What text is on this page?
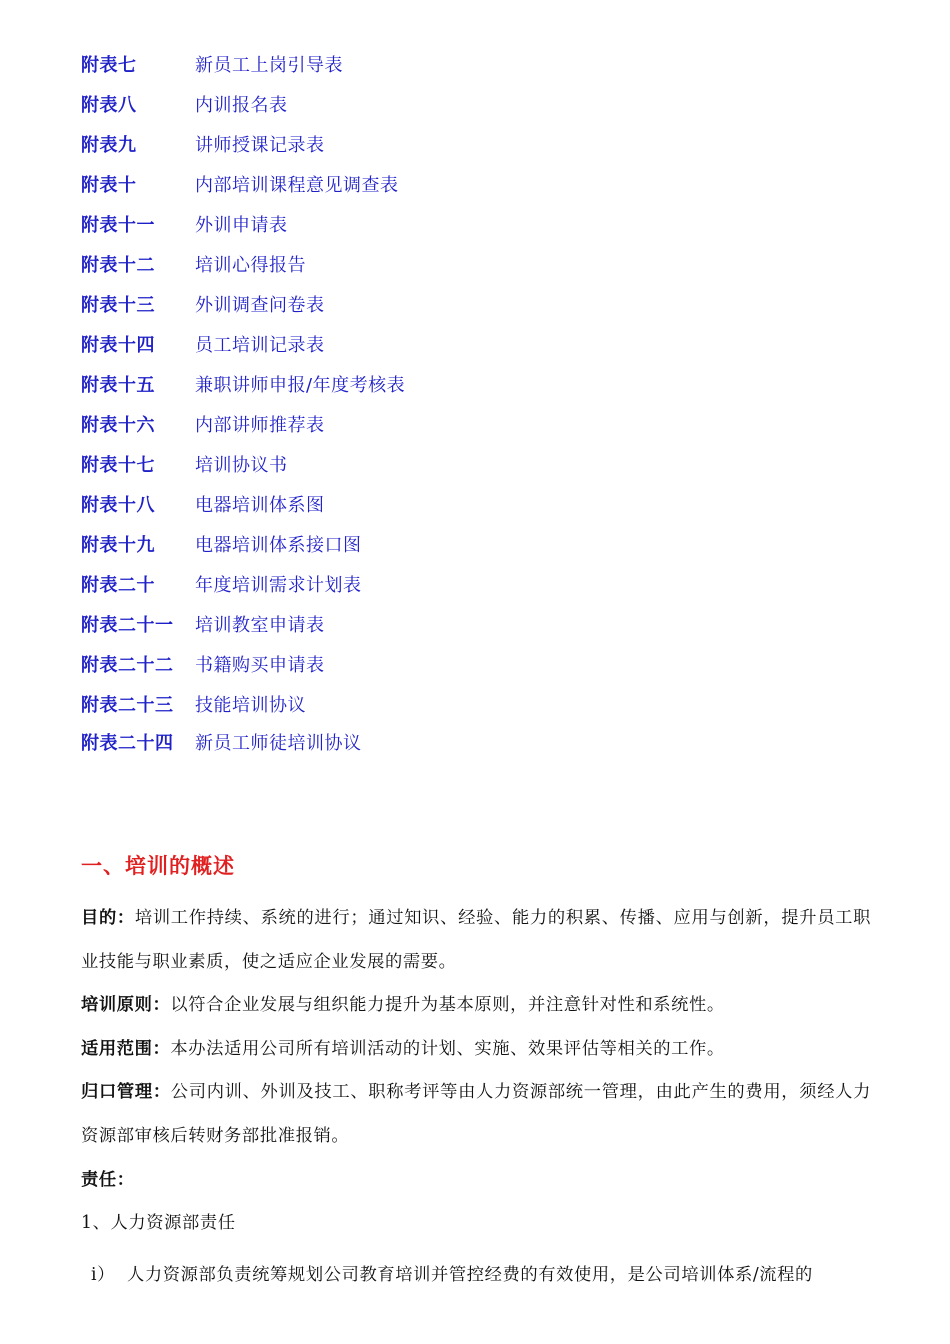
附表七	新员工上岗引导表
附表八	内训报名表
附表九	讲师授课记录表
附表十	内部培训课程意见调查表
附表十一	外训申请表
附表十二	培训心得报告
附表十三	外训调查问卷表
附表十四	员工培训记录表
附表十五	兼职讲师申报/年度考核表
附表十六	内部讲师推荐表
附表十七	培训协议书
附表十八	电器培训体系图
附表十九	电器培训体系接口图
附表二十	年度培训需求计划表
附表二十一	培训教室申请表
附表二十二	书籍购买申请表
附表二十三	技能培训协议
附表二十四	新员工师徒培训协议
一、培训的概述

目的：培训工作持续、系统的进行；通过知识、经验、能力的积累、传播、应用与创新，提升员工职业技能与职业素质，使之适应企业发展的需要。

培训原则：以符合企业发展与组织能力提升为基本原则，并注意针对性和系统性。

适用范围：本办法适用公司所有培训活动的计划、实施、效果评估等相关的工作。

归口管理：公司内训、外训及技工、职称考评等由人力资源部统一管理，由此产生的费用，须经人力资源部审核后转财务部批准报销。

责任：

1、人力资源部责任

i） 人力资源部负责统筹规划公司教育培训并管控经费的有效使用，是公司培训体系/流程的
